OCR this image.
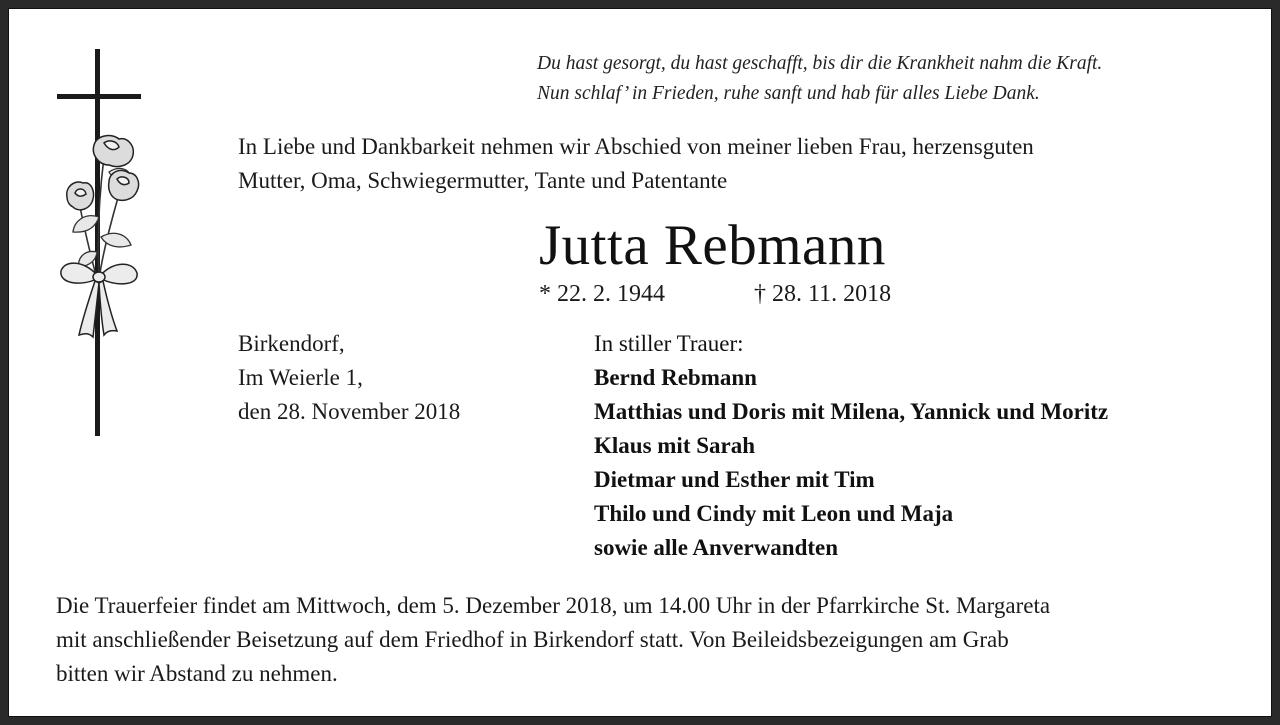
Du hast gesorgt, du hast geschafft, bis dir die Krankheit nahm die Kraft.
Nun schlaf’ in Frieden, ruhe sanft und hab für alles Liebe Dank.
In Liebe und Dankbarkeit nehmen wir Abschied von meiner lieben Frau, herzensguten
Mutter, Oma, Schwiegermutter, Tante und Patentante
Jutta Rebmann
* 22. 2. 1944	† 28. 11. 2018
Birkendorf,
Im Weierle 1,
den 28. November 2018
In stiller Trauer:
Bernd Rebmann
Matthias und Doris mit Milena, Yannick und Moritz
Klaus mit Sarah
Dietmar und Esther mit Tim
Thilo und Cindy mit Leon und Maja
sowie alle Anverwandten
Die Trauerfeier findet am Mittwoch, dem 5. Dezember 2018, um 14.00 Uhr in der Pfarrkirche St. Margareta
mit anschließender Beisetzung auf dem Friedhof in Birkendorf statt. Von Beileidsbezeigungen am Grab
bitten wir Abstand zu nehmen.
